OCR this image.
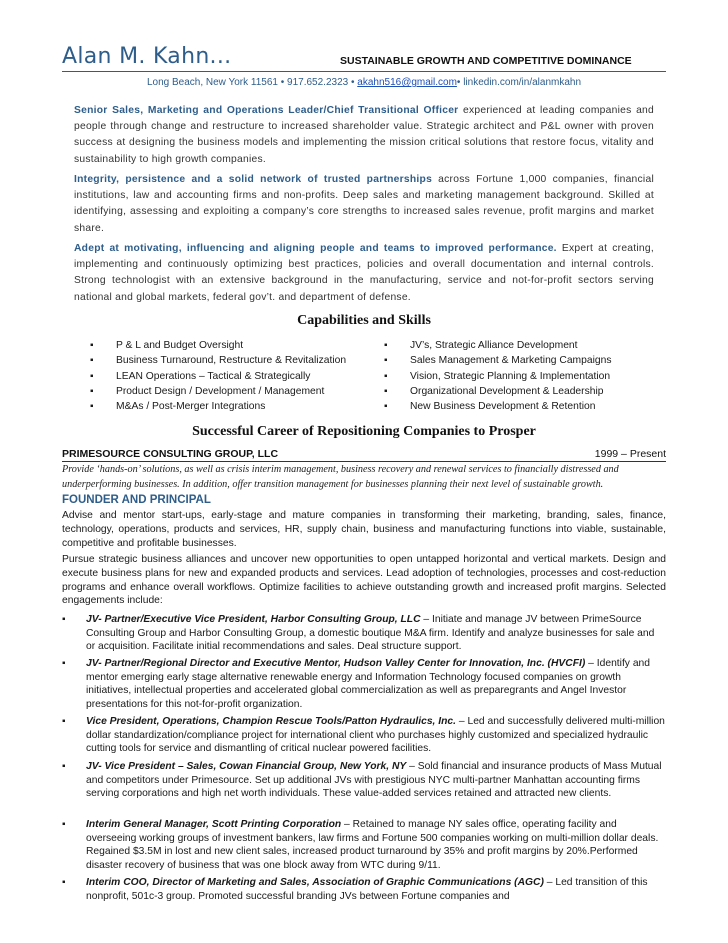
Alan M. Kahn...	SUSTAINABLE GROWTH AND COMPETITIVE DOMINANCE
Long Beach, New York 11561 • 917.652.2323 • akahn516@gmail.com• linkedin.com/in/alanmkahn
Senior Sales, Marketing and Operations Leader/Chief Transitional Officer experienced at leading companies and people through change and restructure to increased shareholder value. Strategic architect and P&L owner with proven success at designing the business models and implementing the mission critical solutions that restore focus, vitality and sustainability to high growth companies.
Integrity, persistence and a solid network of trusted partnerships across Fortune 1,000 companies, financial institutions, law and accounting firms and non-profits. Deep sales and marketing management background. Skilled at identifying, assessing and exploiting a company’s core strengths to increased sales revenue, profit margins and market share.
Adept at motivating, influencing and aligning people and teams to improved performance. Expert at creating, implementing and continuously optimizing best practices, policies and overall documentation and internal controls. Strong technologist with an extensive background in the manufacturing, service and not-for-profit sectors serving national and global markets, federal gov’t. and department of defense.
Capabilities and Skills
▪ P & L and Budget Oversight
▪ Business Turnaround, Restructure & Revitalization
▪ LEAN Operations – Tactical & Strategically
▪ Product Design / Development / Management
▪ M&As / Post-Merger Integrations
▪ JV’s, Strategic Alliance Development
▪ Sales Management & Marketing Campaigns
▪ Vision, Strategic Planning & Implementation
▪ Organizational Development & Leadership
▪ New Business Development & Retention
Successful Career of Repositioning Companies to Prosper
PRIMESOURCE CONSULTING GROUP, LLC	1999 – Present
Provide ‘hands-on’ solutions, as well as crisis interim management, business recovery and renewal services to financially distressed and underperforming businesses. In addition, offer transition management for businesses planning their next level of sustainable growth.
FOUNDER AND PRINCIPAL
Advise and mentor start-ups, early-stage and mature companies in transforming their marketing, branding, sales, finance, technology, operations, products and services, HR, supply chain, business and manufacturing functions into viable, sustainable, competitive and profitable businesses.
Pursue strategic business alliances and uncover new opportunities to open untapped horizontal and vertical markets. Design and execute business plans for new and expanded products and services. Lead adoption of technologies, processes and cost-reduction programs and enhance overall workflows. Optimize facilities to achieve outstanding growth and increased profit margins. Selected engagements include:
▪ JV- Partner/Executive Vice President, Harbor Consulting Group, LLC – Initiate and manage JV between PrimeSource Consulting Group and Harbor Consulting Group, a domestic boutique M&A firm. Identify and analyze businesses for sale and or acquisition. Facilitate initial recommendations and sales. Deal structure support.
▪ JV- Partner/Regional Director and Executive Mentor, Hudson Valley Center for Innovation, Inc. (HVCFI) – Identify and mentor emerging early stage alternative renewable energy and Information Technology focused companies on growth initiatives, intellectual properties and accelerated global commercialization as well as preparegrants and Angel Investor presentations for this not-for-profit organization.
▪ Vice President, Operations, Champion Rescue Tools/Patton Hydraulics, Inc. – Led and successfully delivered multi-million dollar standardization/compliance project for international client who purchases highly customized and specialized hydraulic cutting tools for service and dismantling of critical nuclear powered facilities.
▪ JV- Vice President – Sales, Cowan Financial Group, New York, NY – Sold financial and insurance products of Mass Mutual and competitors under Primesource. Set up additional JVs with prestigious NYC multi-partner Manhattan accounting firms serving corporations and high net worth individuals. These value-added services retained and attracted new clients.
▪ Interim General Manager, Scott Printing Corporation – Retained to manage NY sales office, operating facility and overseeing working groups of investment bankers, law firms and Fortune 500 companies working on multi-million dollar deals. Regained $3.5M in lost and new client sales, increased product turnaround by 35% and profit margins by 20%.Performed disaster recovery of business that was one block away from WTC during 9/11.
▪ Interim COO, Director of Marketing and Sales, Association of Graphic Communications (AGC) – Led transition of this nonprofit, 501c-3 group. Promoted successful branding JVs between Fortune companies and
